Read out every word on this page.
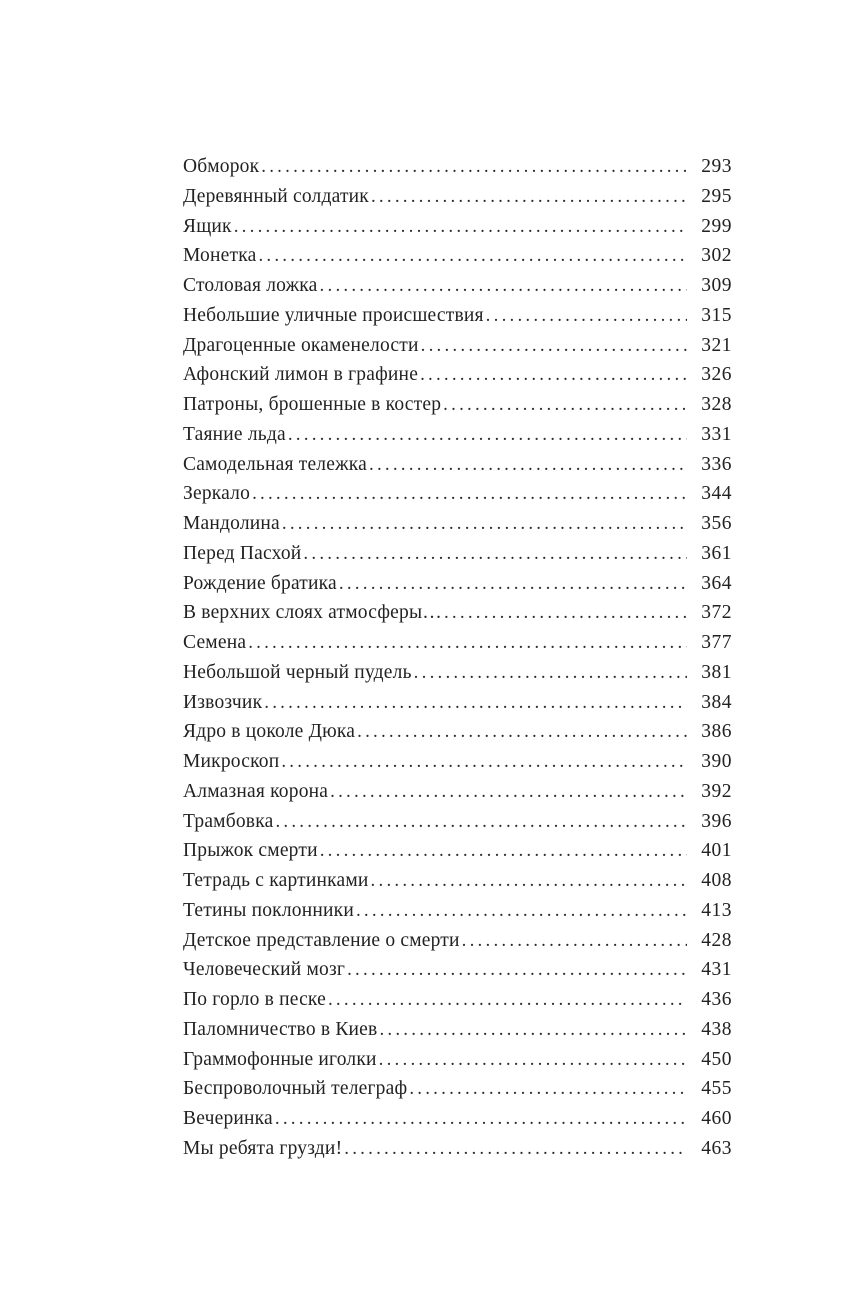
Обморок .....	293
Деревянный солдатик .....	295
Ящик .....	299
Монетка .....	302
Столовая ложка .....	309
Небольшие уличные происшествия .....	315
Драгоценные окаменелости .....	321
Афонский лимон в графине .....	326
Патроны, брошенные в костер .....	328
Таяние льда .....	331
Самодельная тележка .....	336
Зеркало .....	344
Мандолина .....	356
Перед Пасхой .....	361
Рождение братика .....	364
В верхних слоях атмосферы… .....	372
Семена .....	377
Небольшой черный пудель .....	381
Извозчик .....	384
Ядро в цоколе Дюка .....	386
Микроскоп .....	390
Алмазная корона .....	392
Трамбовка .....	396
Прыжок смерти .....	401
Тетрадь с картинками .....	408
Тетины поклонники .....	413
Детское представление о смерти .....	428
Человеческий мозг .....	431
По горло в песке .....	436
Паломничество в Киев .....	438
Граммофонные иголки .....	450
Беспроволочный телеграф .....	455
Вечеринка .....	460
Мы ребята грузди! .....	463
